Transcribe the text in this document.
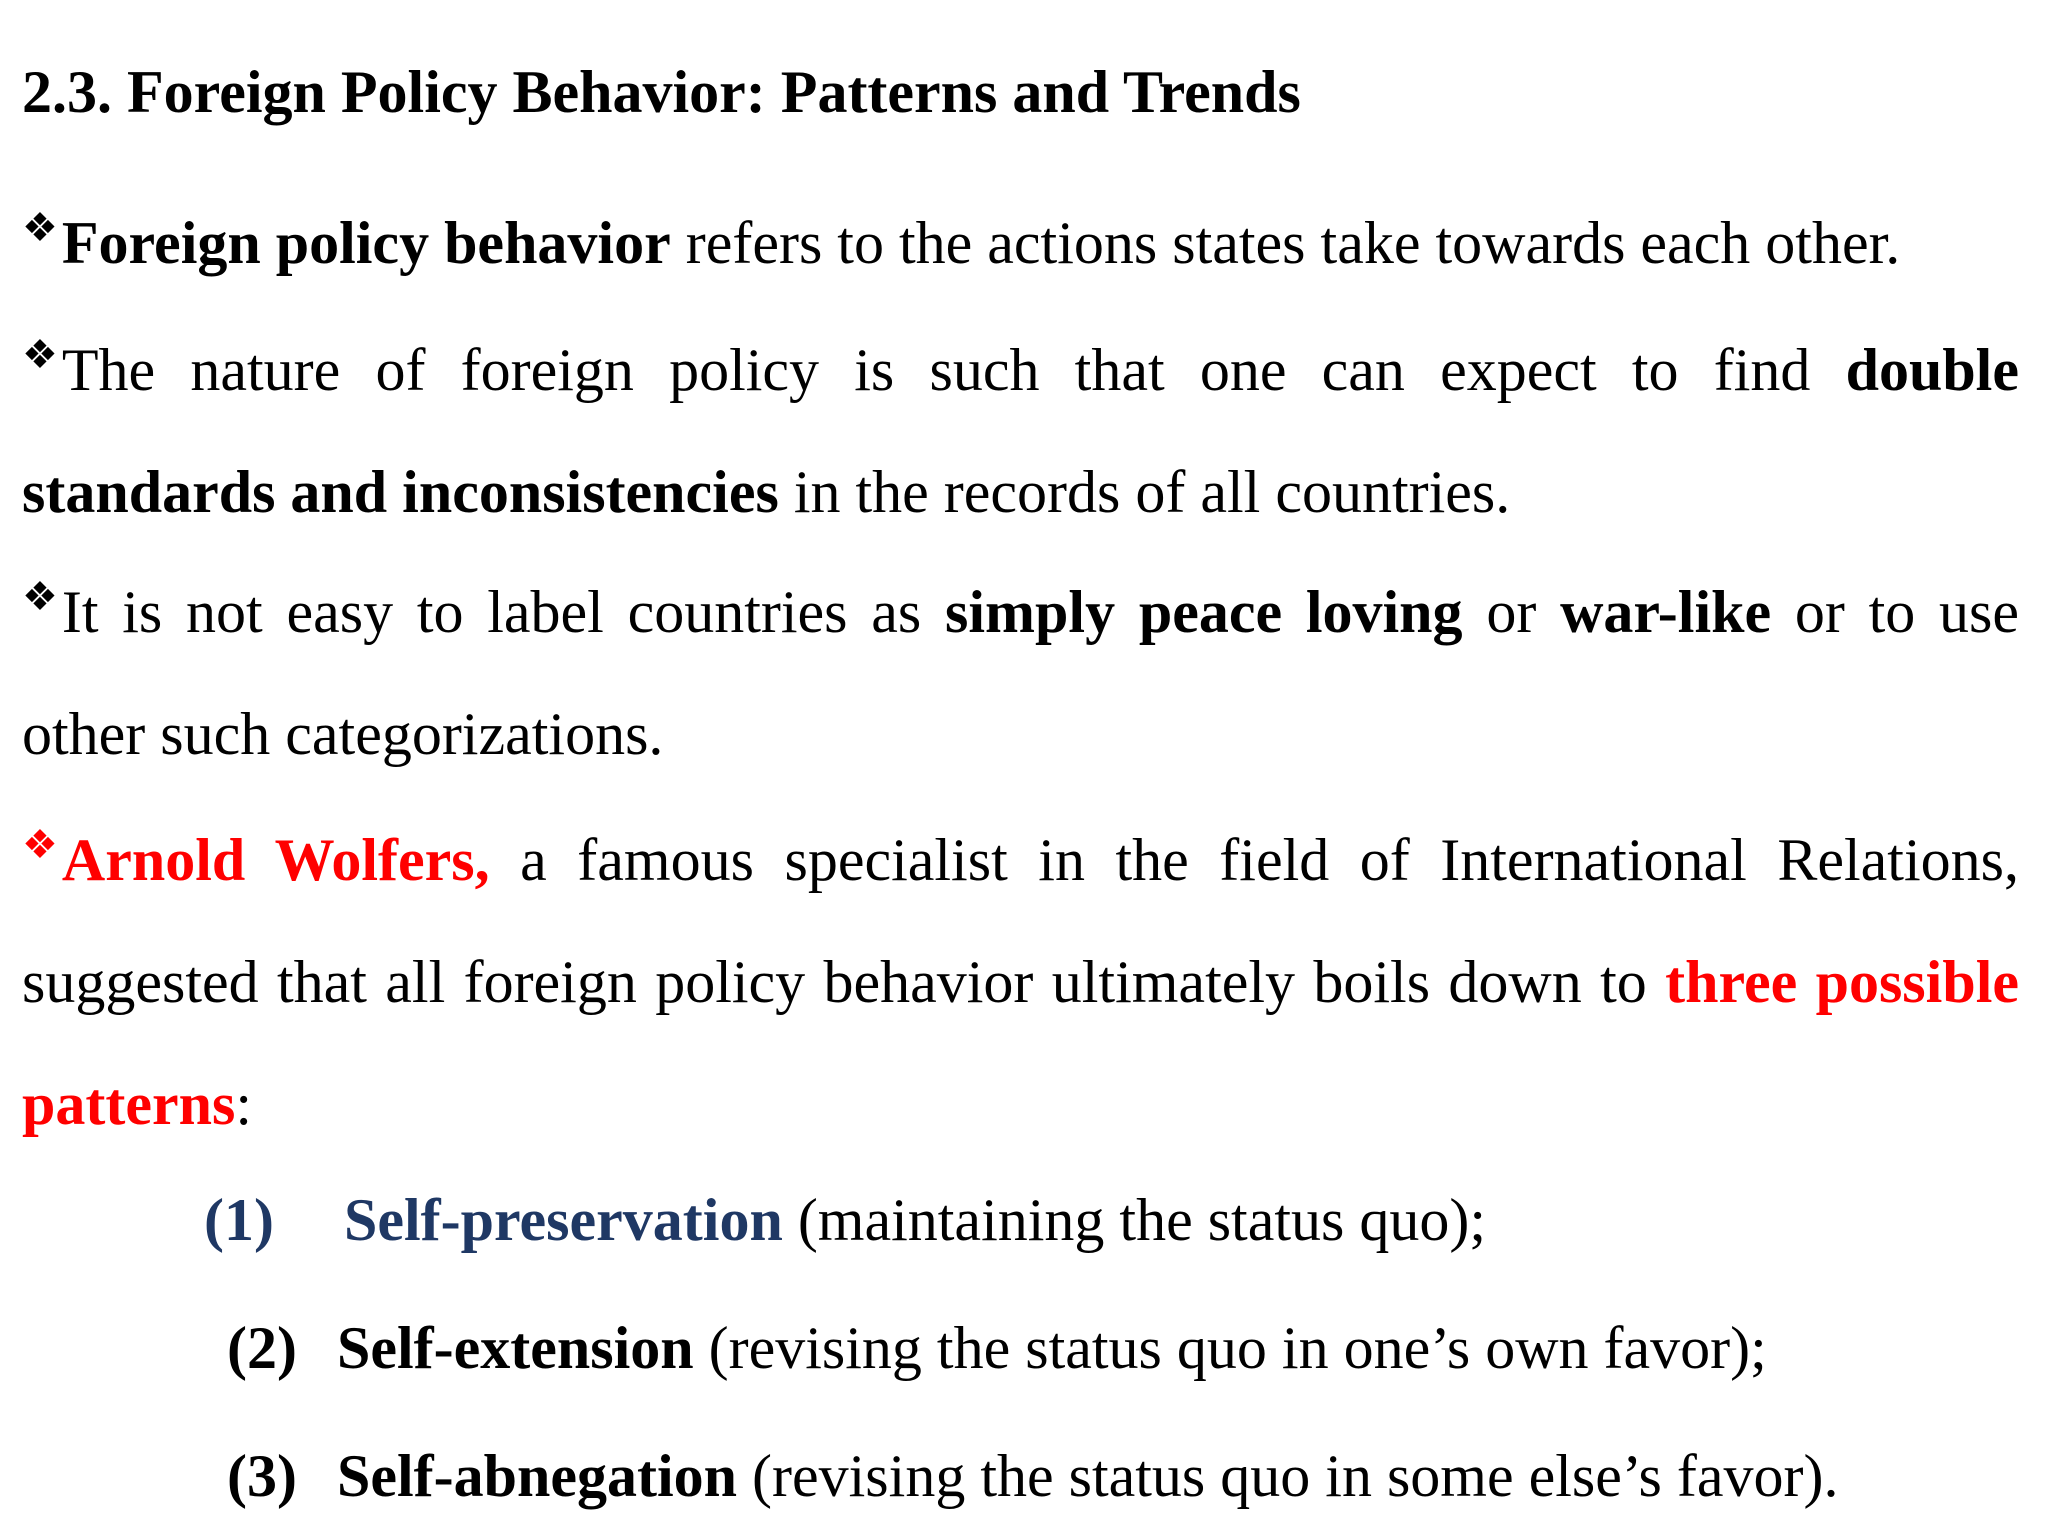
2.3. Foreign Policy Behavior: Patterns and Trends
❖Foreign policy behavior refers to the actions states take towards each other.
❖The nature of foreign policy is such that one can expect to find double standards and inconsistencies in the records of all countries.
❖It is not easy to label countries as simply peace loving or war-like or to use other such categorizations.
❖Arnold Wolfers, a famous specialist in the field of International Relations, suggested that all foreign policy behavior ultimately boils down to three possible patterns:
(1) Self-preservation (maintaining the status quo);
(2) Self-extension (revising the status quo in one’s own favor);
(3) Self-abnegation (revising the status quo in some else’s favor).
